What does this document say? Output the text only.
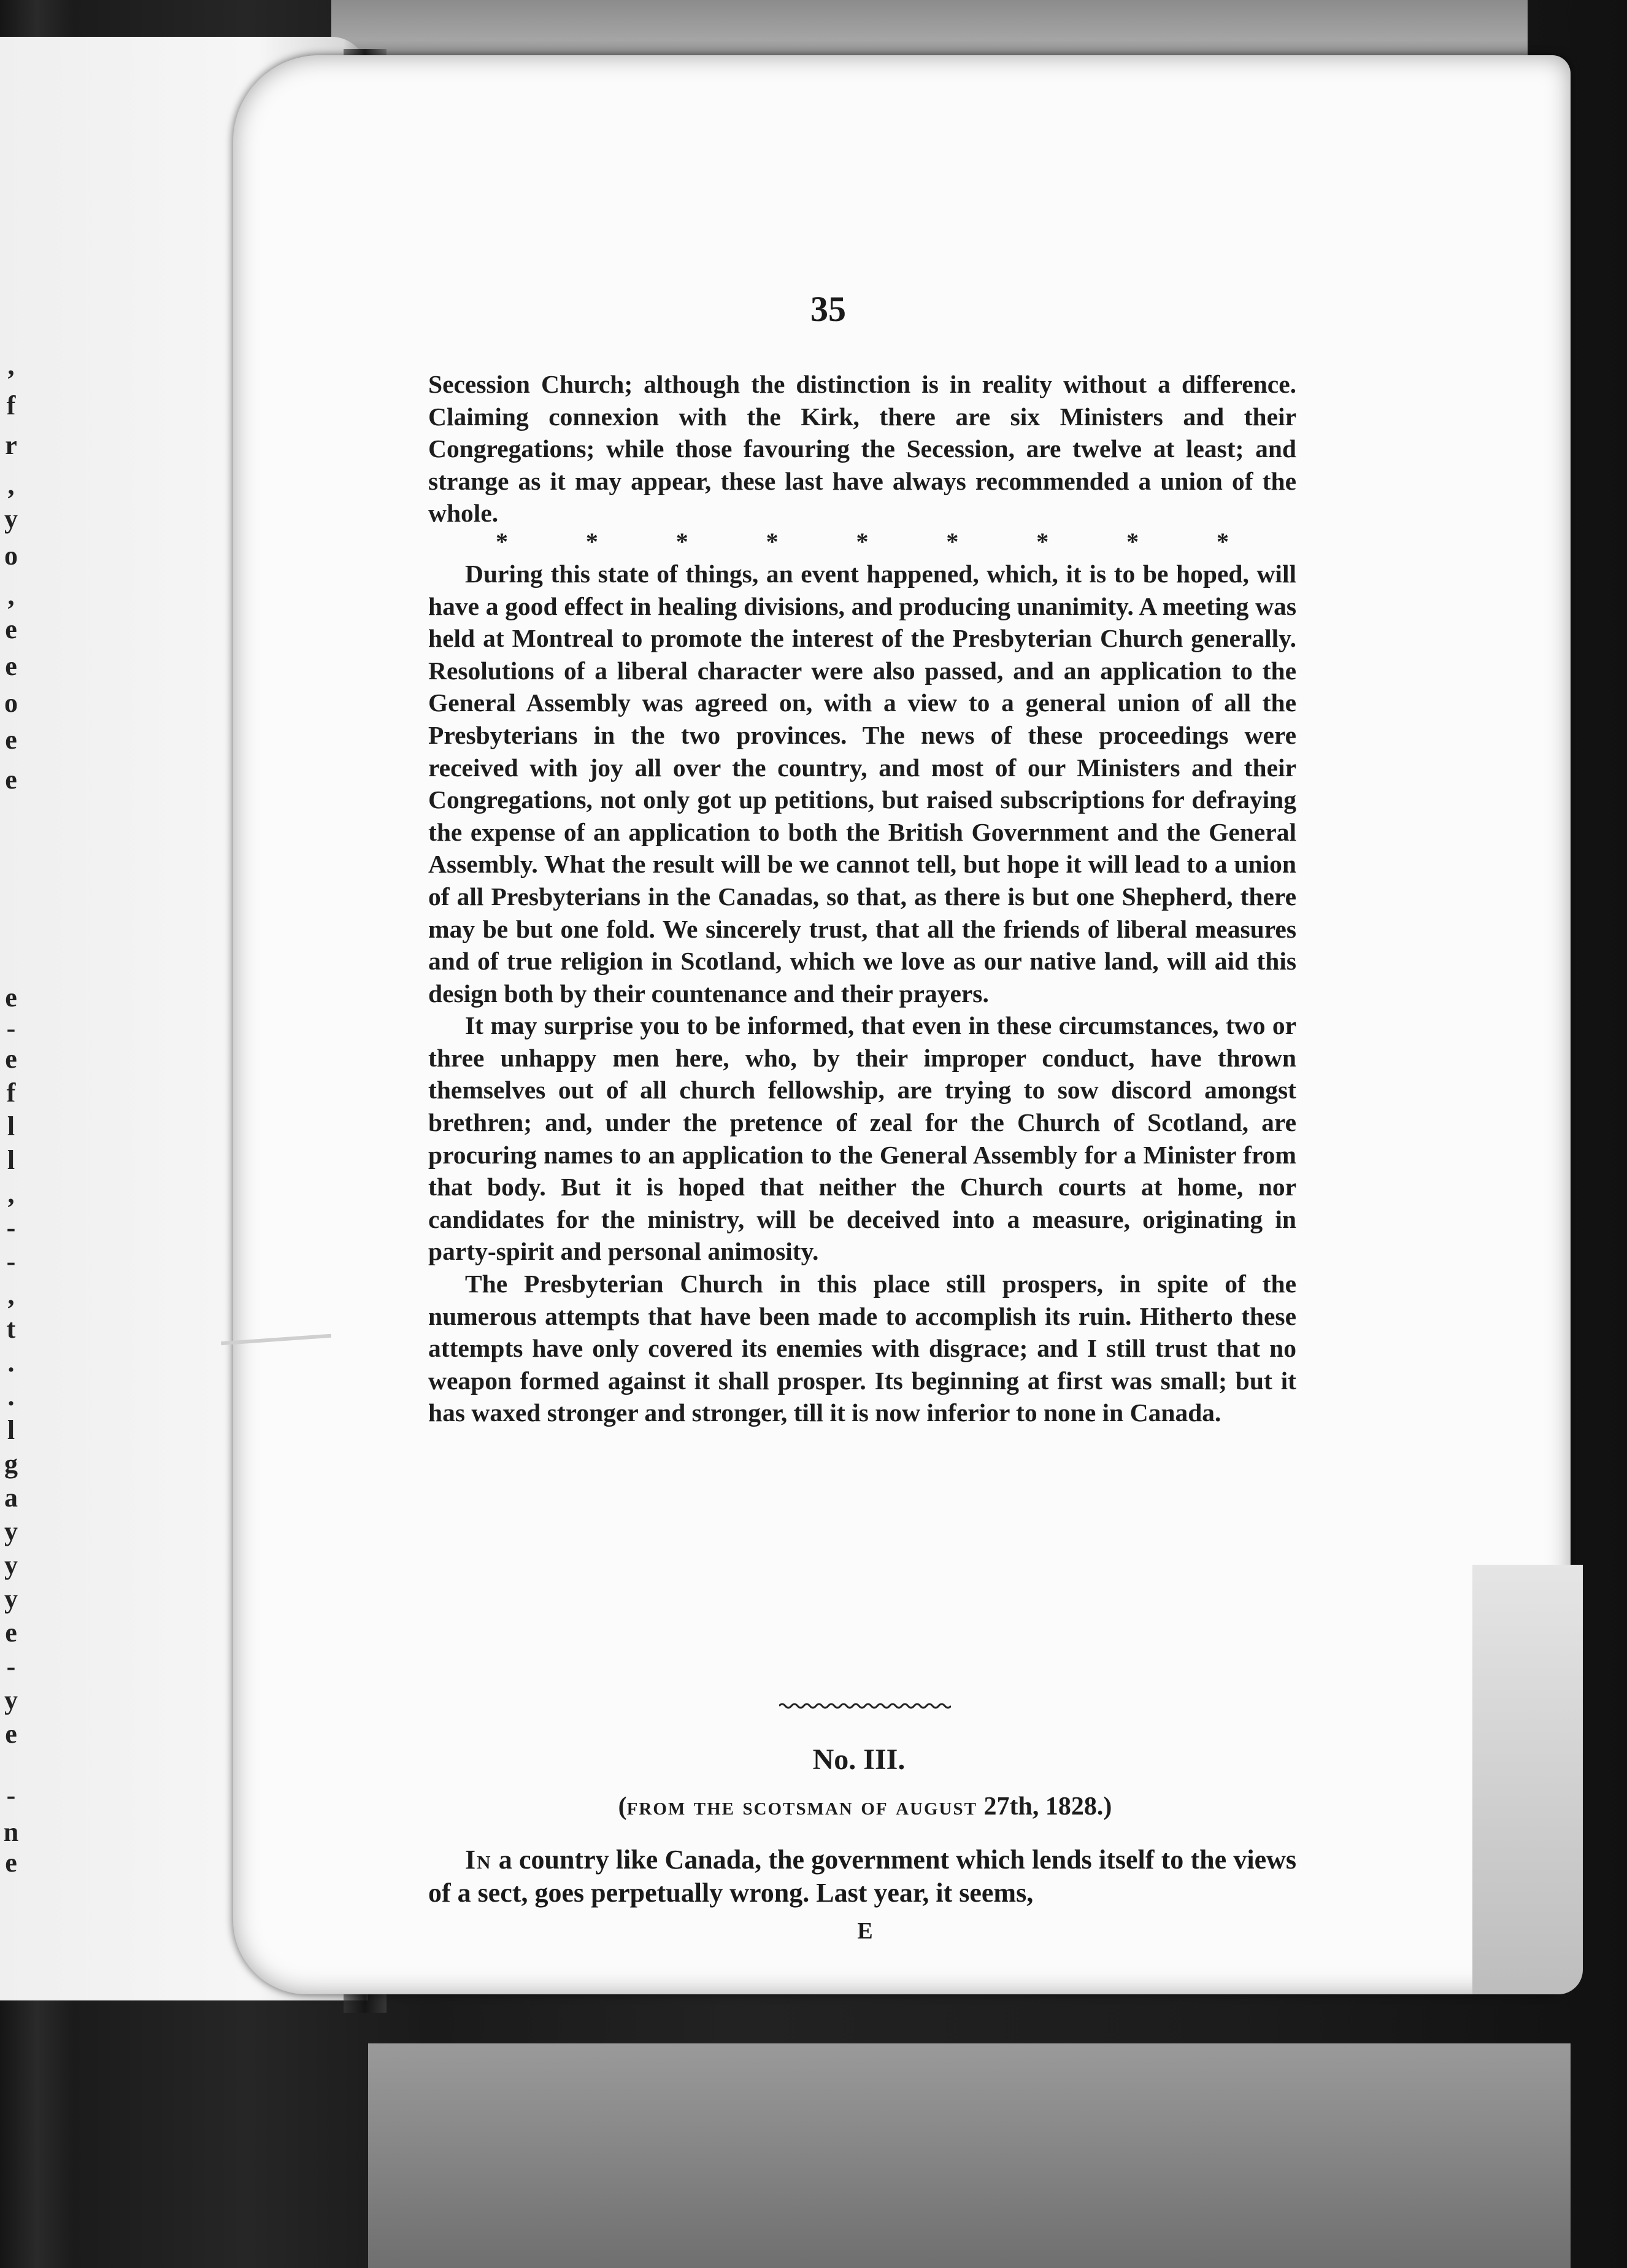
,
f
r
,
y
o
,
e
e
o
e
e
e
-
e
f
l
l
,
-
-
,
t
.
.
l
g
a
y
y
y
e
-
y
e
-
n
e
35

Secession Church; although the distinction is in reality without a difference. Claiming connexion with the Kirk, there are six Ministers and their Congregations; while those favouring the Secession, are twelve at least; and strange as it may appear, these last have always recommended a union of the whole.

*	*	*	*	*	*	*	*	*

During this state of things, an event happened, which, it is to be hoped, will have a good effect in healing divisions, and producing unanimity. A meeting was held at Montreal to promote the interest of the Presbyterian Church generally. Resolutions of a liberal character were also passed, and an application to the General Assembly was agreed on, with a view to a general union of all the Presbyterians in the two provinces. The news of these proceedings were received with joy all over the country, and most of our Ministers and their Congregations, not only got up petitions, but raised subscriptions for defraying the expense of an application to both the British Government and the General Assembly. What the result will be we cannot tell, but hope it will lead to a union of all Presbyterians in the Canadas, so that, as there is but one Shepherd, there may be but one fold. We sincerely trust, that all the friends of liberal measures and of true religion in Scotland, which we love as our native land, will aid this design both by their countenance and their prayers.

It may surprise you to be informed, that even in these circumstances, two or three unhappy men here, who, by their improper conduct, have thrown themselves out of all church fellowship, are trying to sow discord amongst brethren; and, under the pretence of zeal for the Church of Scotland, are procuring names to an application to the General Assembly for a Minister from that body. But it is hoped that neither the Church courts at home, nor candidates for the ministry, will be deceived into a measure, originating in party-spirit and personal animosity.

The Presbyterian Church in this place still prospers, in spite of the numerous attempts that have been made to accomplish its ruin. Hitherto these attempts have only covered its enemies with disgrace; and I still trust that no weapon formed against it shall prosper. Its beginning at first was small; but it has waxed stronger and stronger, till it is now inferior to none in Canada.

No. III.
(from the scotsman of august 27th, 1828.)

In a country like Canada, the government which lends itself to the views of a sect, goes perpetually wrong. Last year, it seems,

E
